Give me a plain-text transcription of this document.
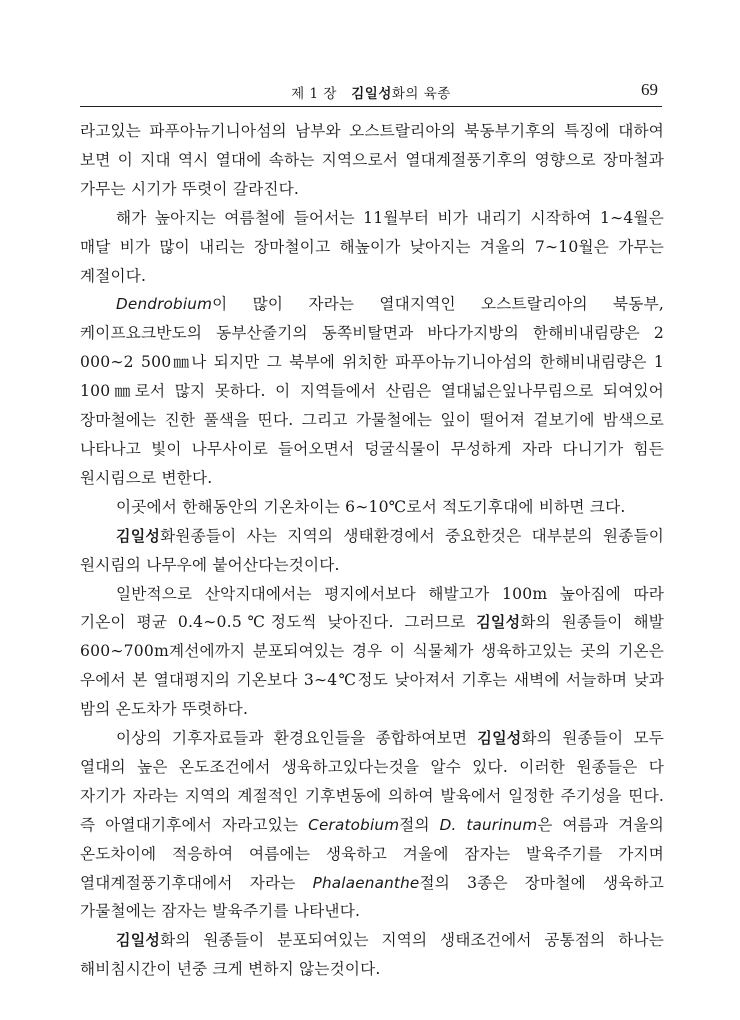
제 1 장 김일성화의 육종	69

라고있는 파푸아뉴기니아섬의 남부와 오스트랄리아의 북동부기후의 특징에 대하여 보면 이 지대 역시 열대에 속하는 지역으로서 열대계절풍기후의 영향으로 장마철과 가무는 시기가 뚜렷이 갈라진다.

해가 높아지는 여름철에 들어서는 11월부터 비가 내리기 시작하여 1∼4월은 매달 비가 많이 내리는 장마철이고 해높이가 낮아지는 겨울의 7∼10월은 가무는 계절이다.

Dendrobium이 많이 자라는 열대지역인 오스트랄리아의 북동부, 케이프요크반도의 동부산줄기의 동쪽비탈면과 바다가지방의 한해비내림량은 2 000∼2 500㎜나 되지만 그 북부에 위치한 파푸아뉴기니아섬의 한해비내림량은 1 100㎜로서 많지 못하다. 이 지역들에서 산림은 열대넓은잎나무림으로 되여있어 장마철에는 진한 풀색을 띤다. 그리고 가물철에는 잎이 떨어져 겉보기에 밤색으로 나타나고 빛이 나무사이로 들어오면서 덩굴식물이 무성하게 자라 다니기가 힘든 원시림으로 변한다.

이곳에서 한해동안의 기온차이는 6∼10℃로서 적도기후대에 비하면 크다.

김일성화원종들이 사는 지역의 생태환경에서 중요한것은 대부분의 원종들이 원시림의 나무우에 붙어산다는것이다.

일반적으로 산악지대에서는 평지에서보다 해발고가 100m 높아짐에 따라 기온이 평균 0.4∼0.5℃정도씩 낮아진다. 그러므로 김일성화의 원종들이 해발 600∼700m계선에까지 분포되여있는 경우 이 식물체가 생육하고있는 곳의 기온은 우에서 본 열대평지의 기온보다 3∼4℃정도 낮아져서 기후는 새벽에 서늘하며 낮과 밤의 온도차가 뚜렷하다.

이상의 기후자료들과 환경요인들을 종합하여보면 김일성화의 원종들이 모두 열대의 높은 온도조건에서 생육하고있다는것을 알수 있다. 이러한 원종들은 다 자기가 자라는 지역의 계절적인 기후변동에 의하여 발육에서 일정한 주기성을 띤다. 즉 아열대기후에서 자라고있는 Ceratobium절의 D. taurinum은 여름과 겨울의 온도차이에 적응하여 여름에는 생육하고 겨울에 잠자는 발육주기를 가지며 열대계절풍기후대에서 자라는 Phalaenanthe절의 3종은 장마철에 생육하고 가물철에는 잠자는 발육주기를 나타낸다.

김일성화의 원종들이 분포되여있는 지역의 생태조건에서 공통점의 하나는 해비침시간이 년중 크게 변하지 않는것이다.
